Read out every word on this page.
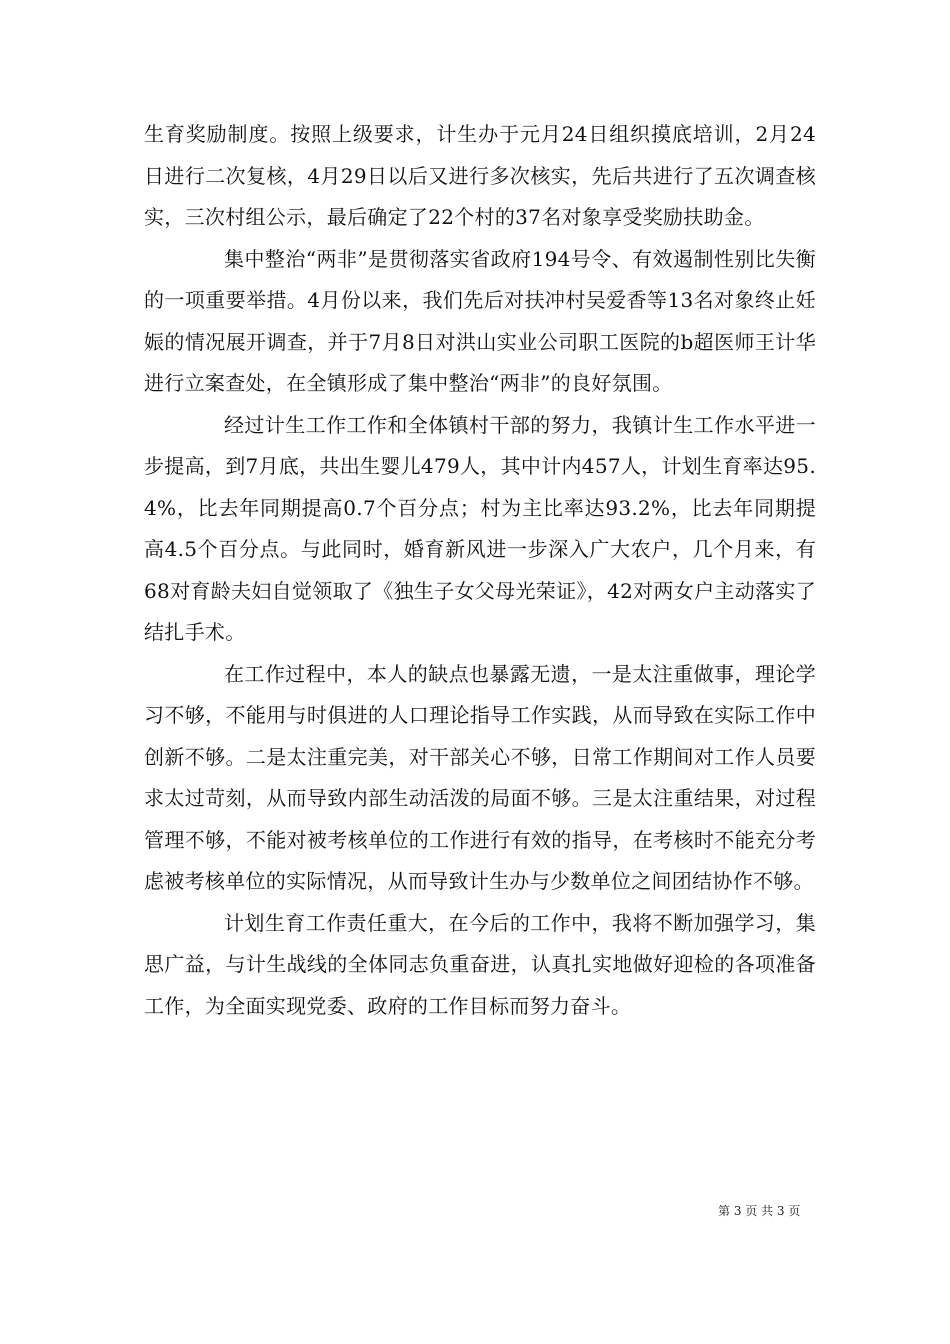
生育奖励制度。按照上级要求，计生办于元月24日组织摸底培训，2月24日进行二次复核，4月29日以后又进行多次核实，先后共进行了五次调查核实，三次村组公示，最后确定了22个村的37名对象享受奖励扶助金。

集中整治“两非”是贯彻落实省政府194号令、有效遏制性别比失衡的一项重要举措。4月份以来，我们先后对扶冲村吴爱香等13名对象终止妊娠的情况展开调查，并于7月8日对洪山实业公司职工医院的b超医师王计华进行立案查处，在全镇形成了集中整治“两非”的良好氛围。

经过计生工作工作和全体镇村干部的努力，我镇计生工作水平进一步提高，到7月底，共出生婴儿479人，其中计内457人，计划生育率达95.4%，比去年同期提高0.7个百分点；村为主比率达93.2%，比去年同期提高4.5个百分点。与此同时，婚育新风进一步深入广大农户，几个月来，有68对育龄夫妇自觉领取了《独生子女父母光荣证》，42对两女户主动落实了结扎手术。

在工作过程中，本人的缺点也暴露无遗，一是太注重做事，理论学习不够，不能用与时俱进的人口理论指导工作实践，从而导致在实际工作中创新不够。二是太注重完美，对干部关心不够，日常工作期间对工作人员要求太过苛刻，从而导致内部生动活泼的局面不够。三是太注重结果，对过程管理不够，不能对被考核单位的工作进行有效的指导，在考核时不能充分考虑被考核单位的实际情况，从而导致计生办与少数单位之间团结协作不够。

计划生育工作责任重大，在今后的工作中，我将不断加强学习，集思广益，与计生战线的全体同志负重奋进，认真扎实地做好迎检的各项准备工作，为全面实现党委、政府的工作目标而努力奋斗。

第 3 页 共 3 页
